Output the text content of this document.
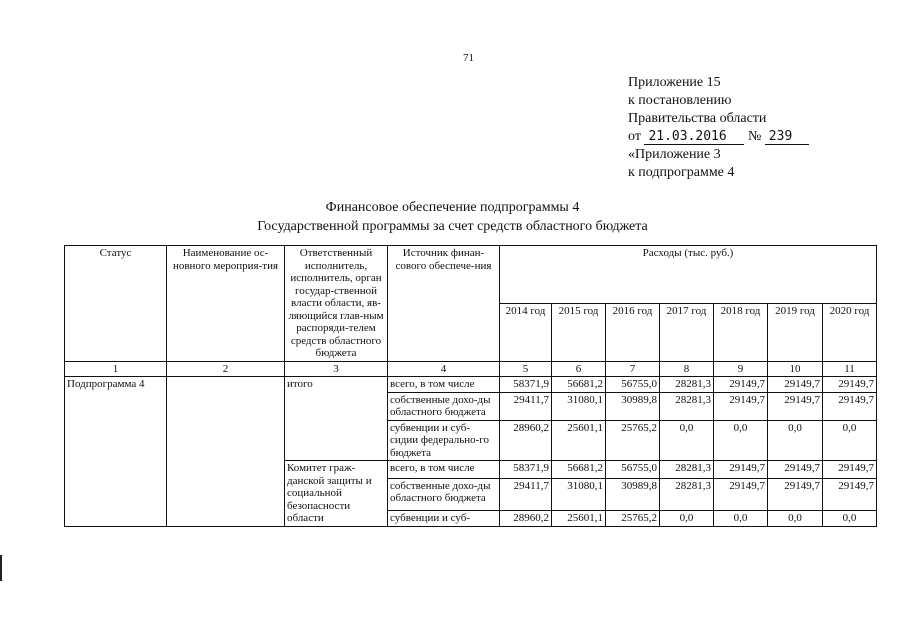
71
Приложение 15
к постановлению
Правительства области
от 21.03.2016 № 239
«Приложение 3
к подпрограмме 4
Финансовое обеспечение подпрограммы 4
Государственной программы за счет средств областного бюджета
Статус	Наименование ос-новного мероприя-тия	Ответственный исполнитель, исполнитель, орган государ-ственной власти области, яв-ляющийся глав-ным распоряди-телем средств областного бюджета	Источник финан-сового обеспече-ния	Расходы (тыс. руб.)						
				2014 год	2015 год	2016 год	2017 год	2018 год	2019 год	2020 год
1	2	3	4	5	6	7	8	9	10	11
Подпрограмма 4		итого	всего, в том числе	58371,9	56681,2	56755,0	28281,3	29149,7	29149,7	29149,7
			собственные дохо-ды областного бюджета	29411,7	31080,1	30989,8	28281,3	29149,7	29149,7	29149,7
			субвенции и суб-сидии федерально-го бюджета	28960,2	25601,1	25765,2	0,0	0,0	0,0	0,0
		Комитет граж-данской защиты и социальной безопасности области	всего, в том числе	58371,9	56681,2	56755,0	28281,3	29149,7	29149,7	29149,7
			собственные дохо-ды областного бюджета	29411,7	31080,1	30989,8	28281,3	29149,7	29149,7	29149,7
			субвенции и суб-	28960,2	25601,1	25765,2	0,0	0,0	0,0	0,0
